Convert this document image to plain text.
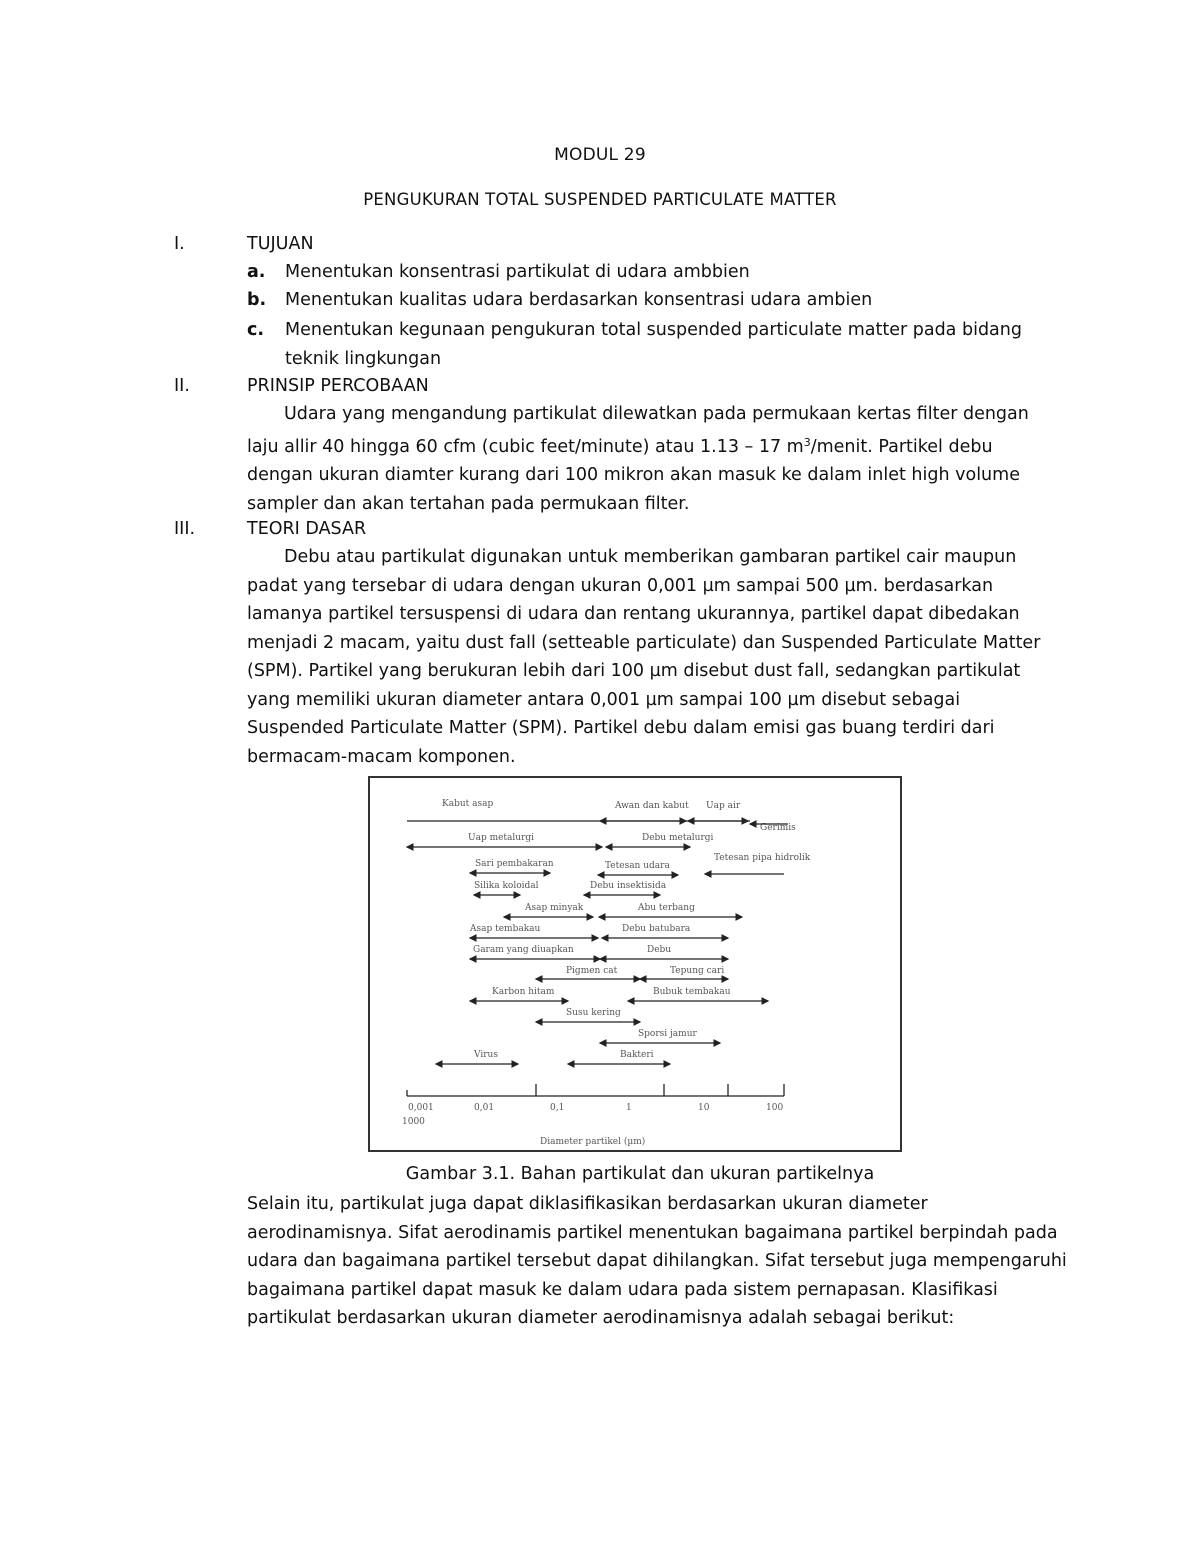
MODUL 29
PENGUKURAN TOTAL SUSPENDED PARTICULATE MATTER
I.	TUJUAN
a. Menentukan konsentrasi partikulat di udara ambbien
b. Menentukan kualitas udara berdasarkan konsentrasi udara ambien
c. Menentukan kegunaan pengukuran total suspended particulate matter pada bidang teknik lingkungan
II.	PRINSIP PERCOBAAN

Udara yang mengandung partikulat dilewatkan pada permukaan kertas filter dengan laju allir 40 hingga 60 cfm (cubic feet/minute) atau 1.13 – 17 $m^3$/menit. Partikel debu dengan ukuran diamter kurang dari 100 mikron akan masuk ke dalam inlet high volume sampler dan akan tertahan pada permukaan filter.

III.	TEORI DASAR

Debu atau partikulat digunakan untuk memberikan gambaran partikel cair maupun padat yang tersebar di udara dengan ukuran 0,001 µm sampai 500 µm. berdasarkan lamanya partikel tersuspensi di udara dan rentang ukurannya, partikel dapat dibedakan menjadi 2 macam, yaitu dust fall (setteable particulate) dan Suspended Particulate Matter (SPM). Partikel yang berukuran lebih dari 100 µm disebut dust fall, sedangkan partikulat yang memiliki ukuran diameter antara 0,001 µm sampai 100 µm disebut sebagai Suspended Particulate Matter (SPM). Partikel debu dalam emisi gas buang terdiri dari bermacam-macam komponen.

Kabut asap	Awan dan kabut Uap air
Gerimis
Uap metalurgi	Debu metalurgi
Tetesan pipa hidrolik
Sari pembakaran	Tetesan udara
Silika koloidal	Debu insektisida
Asap minyak	Abu terbang
Asap tembakau	Debu batubara
Garam yang diuapkan	Debu
Pigmen cat	Tepung cari
Karbon hitam	Bubuk tembakau
Susu kering
Sporsi jamur
Virus	Bakteri
0,001	0,01	0,1	1	10	100
1000
Diameter partikel (µm)
Gambar 3.1. Bahan partikulat dan ukuran partikelnya

Selain itu, partikulat juga dapat diklasifikasikan berdasarkan ukuran diameter aerodinamisnya. Sifat aerodinamis partikel menentukan bagaimana partikel berpindah pada udara dan bagaimana partikel tersebut dapat dihilangkan. Sifat tersebut juga mempengaruhi bagaimana partikel dapat masuk ke dalam udara pada sistem pernapasan. Klasifikasi partikulat berdasarkan ukuran diameter aerodinamisnya adalah sebagai berikut:
